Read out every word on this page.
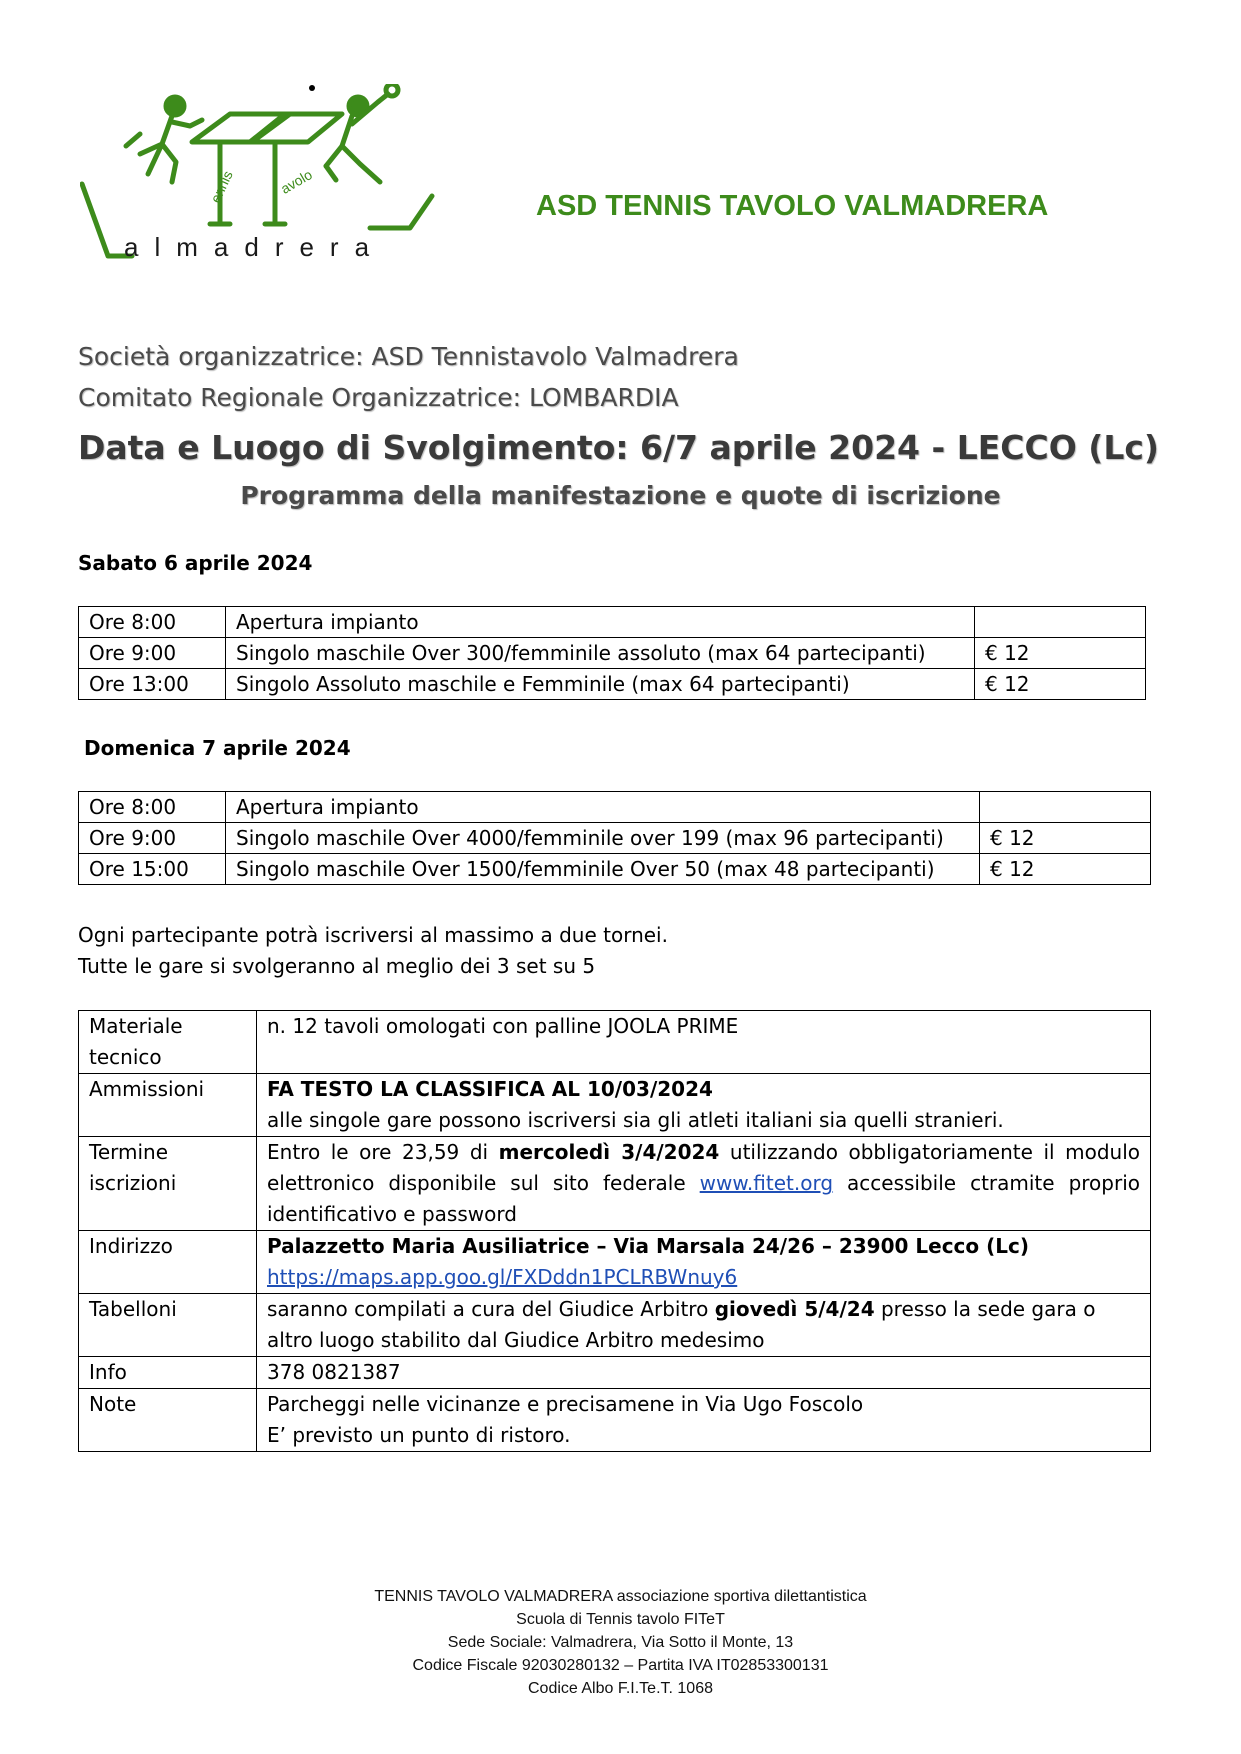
ennis	avolo
almadrera
ASD TENNIS TAVOLO VALMADRERA
Società organizzatrice: ASD Tennistavolo Valmadrera
Comitato Regionale Organizzatrice: LOMBARDIA
Data e Luogo di Svolgimento: 6/7 aprile 2024 - LECCO (Lc)
Programma della manifestazione e quote di iscrizione
Sabato 6 aprile 2024
Ore 8:00	Apertura impianto	
Ore 9:00	Singolo maschile Over 300/femminile assoluto (max 64 partecipanti)	€ 12
Ore 13:00	Singolo Assoluto maschile e Femminile (max 64 partecipanti)	€ 12
Domenica 7 aprile 2024
Ore 8:00	Apertura impianto	
Ore 9:00	Singolo maschile Over 4000/femminile over 199 (max 96 partecipanti)	€ 12
Ore 15:00	Singolo maschile Over 1500/femminile Over 50 (max 48 partecipanti)	€ 12
Ogni partecipante potrà iscriversi al massimo a due tornei.
Tutte le gare si svolgeranno al meglio dei 3 set su 5
Materiale tecnico	n. 12 tavoli omologati con palline JOOLA PRIME
Ammissioni	FA TESTO LA CLASSIFICA AL 10/03/2024
alle singole gare possono iscriversi sia gli atleti italiani sia quelli stranieri.
Termine iscrizioni	Entro le ore 23,59 di mercoledì 3/4/2024 utilizzando obbligatoriamente il modulo elettronico disponibile sul sito federale www.fitet.org accessibile ctramite proprio identificativo e password
Indirizzo	Palazzetto Maria Ausiliatrice – Via Marsala 24/26 – 23900 Lecco (Lc)
https://maps.app.goo.gl/FXDddn1PCLRBWnuy6
Tabelloni	saranno compilati a cura del Giudice Arbitro giovedì 5/4/24 presso la sede gara o altro luogo stabilito dal Giudice Arbitro medesimo
Info	378 0821387
Note	Parcheggi nelle vicinanze e precisamene in Via Ugo Foscolo
E’ previsto un punto di ristoro.
TENNIS TAVOLO VALMADRERA associazione sportiva dilettantistica
Scuola di Tennis tavolo FITeT
Sede Sociale: Valmadrera, Via Sotto il Monte, 13
Codice Fiscale 92030280132 – Partita IVA IT02853300131
Codice Albo F.I.Te.T. 1068
